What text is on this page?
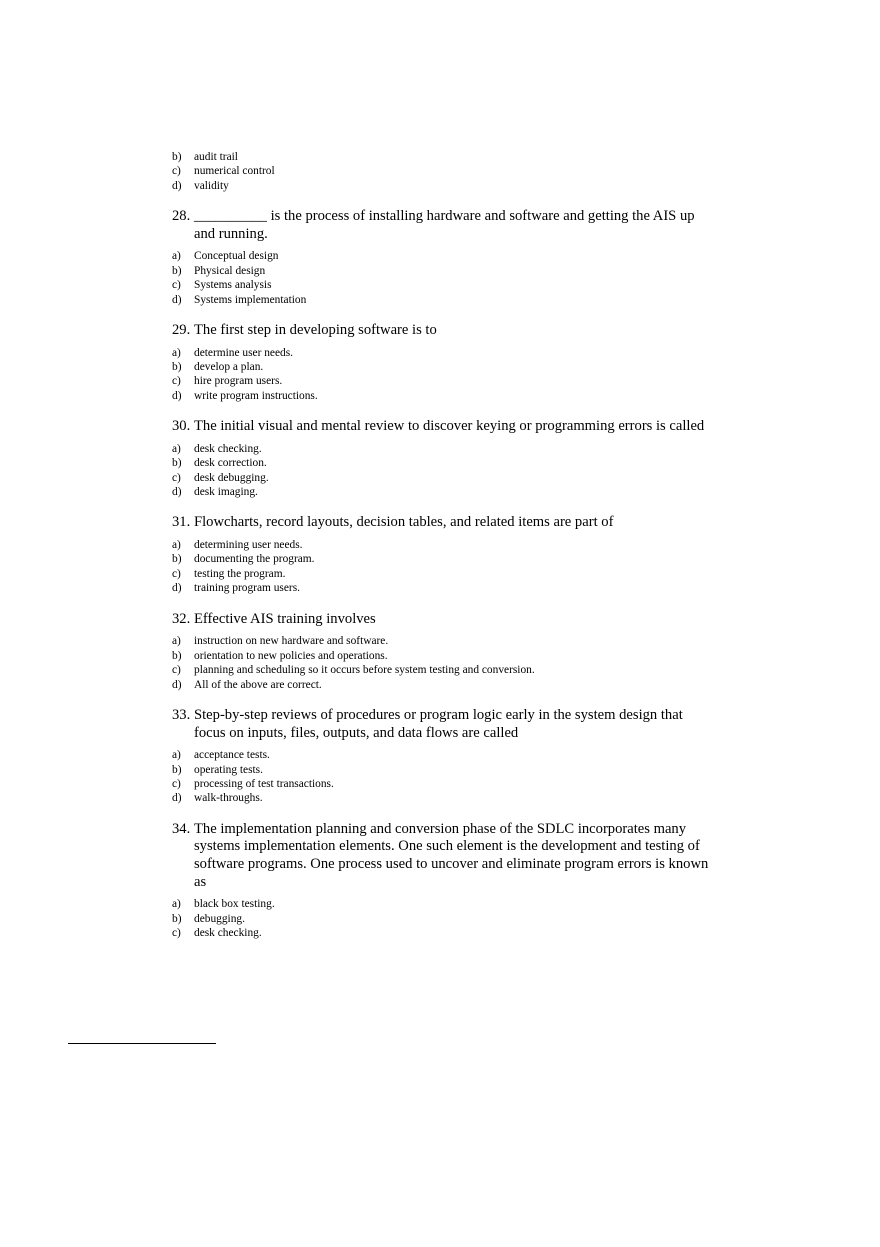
b)	audit trail
c)	numerical control
d)	validity
28. __________ is the process of installing hardware and software and getting the AIS up and running.
a)	Conceptual design
b)	Physical design
c)	Systems analysis
d)	Systems implementation
29. The first step in developing software is to
a)	determine user needs.
b)	develop a plan.
c)	hire program users.
d)	write program instructions.
30. The initial visual and mental review to discover keying or programming errors is called
a)	desk checking.
b)	desk correction.
c)	desk debugging.
d)	desk imaging.
31. Flowcharts, record layouts, decision tables, and related items are part of
a)	determining user needs.
b)	documenting the program.
c)	testing the program.
d)	training program users.
32. Effective AIS training involves
a)	instruction on new hardware and software.
b)	orientation to new policies and operations.
c)	planning and scheduling so it occurs before system testing and conversion.
d)	All of the above are correct.
33. Step-by-step reviews of procedures or program logic early in the system design that focus on inputs, files, outputs, and data flows are called
a)	acceptance tests.
b)	operating tests.
c)	processing of test transactions.
d)	walk-throughs.
34. The implementation planning and conversion phase of the SDLC incorporates many systems implementation elements. One such element is the development and testing of software programs. One process used to uncover and eliminate program errors is known as
a)	black box testing.
b)	debugging.
c)	desk checking.
